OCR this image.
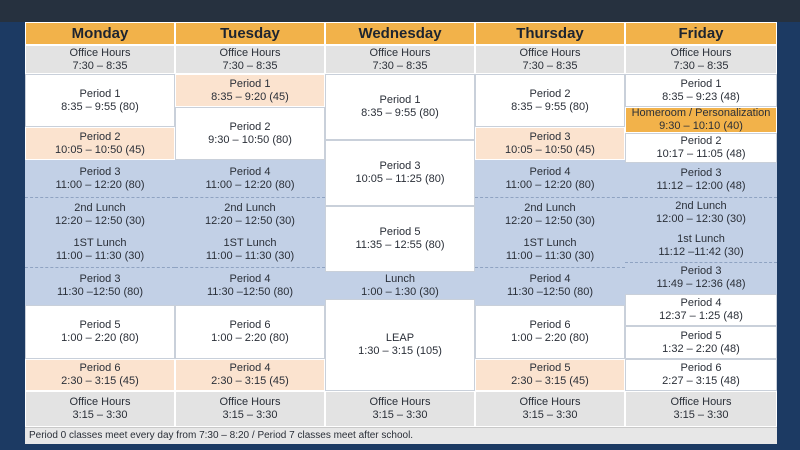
Monday
Office Hours
7:30 – 8:35
Period 1
8:35 – 9:55 (80)
Period 2
10:05 – 10:50 (45)
Period 3
11:00 – 12:20 (80)
2nd Lunch
12:20 – 12:50 (30)
1ST Lunch
11:00 – 11:30 (30)
Period 3
11:30 –12:50 (80)
Period 5
1:00 – 2:20 (80)
Period 6
2:30 – 3:15 (45)
Office Hours
3:15 – 3:30
Tuesday
Office Hours
7:30 – 8:35
Period 1
8:35 – 9:20 (45)
Period 2
9:30 – 10:50 (80)
Period 4
11:00 – 12:20 (80)
2nd Lunch
12:20 – 12:50 (30)
1ST Lunch
11:00 – 11:30 (30)
Period 4
11:30 –12:50 (80)
Period 6
1:00 – 2:20 (80)
Period 4
2:30 – 3:15 (45)
Office Hours
3:15 – 3:30
Wednesday
Office Hours
7:30 – 8:35
Period 1
8:35 – 9:55 (80)
Period 3
10:05 – 11:25 (80)
Period 5
11:35 – 12:55 (80)
Lunch
1:00 – 1:30 (30)
LEAP
1:30 – 3:15 (105)
Office Hours
3:15 – 3:30
Thursday
Office Hours
7:30 – 8:35
Period 2
8:35 – 9:55 (80)
Period 3
10:05 – 10:50 (45)
Period 4
11:00 – 12:20 (80)
2nd Lunch
12:20 – 12:50 (30)
1ST Lunch
11:00 – 11:30 (30)
Period 4
11:30 –12:50 (80)
Period 6
1:00 – 2:20 (80)
Period 5
2:30 – 3:15 (45)
Office Hours
3:15 – 3:30
Friday
Office Hours
7:30 – 8:35
Period 1
8:35 – 9:23 (48)
Homeroom / Personalization
9:30 – 10:10 (40)
Period 2
10:17 – 11:05 (48)
Period 3
11:12 – 12:00 (48)
2nd Lunch
12:00 – 12:30 (30)
1st Lunch
11:12 –11:42 (30)
Period 3
11:49 – 12:36 (48)
Period 4
12:37 – 1:25 (48)
Period 5
1:32 – 2:20 (48)
Period 6
2:27 – 3:15 (48)
Office Hours
3:15 – 3:30
Period 0 classes meet every day from 7:30 – 8:20 / Period 7 classes meet after school.
